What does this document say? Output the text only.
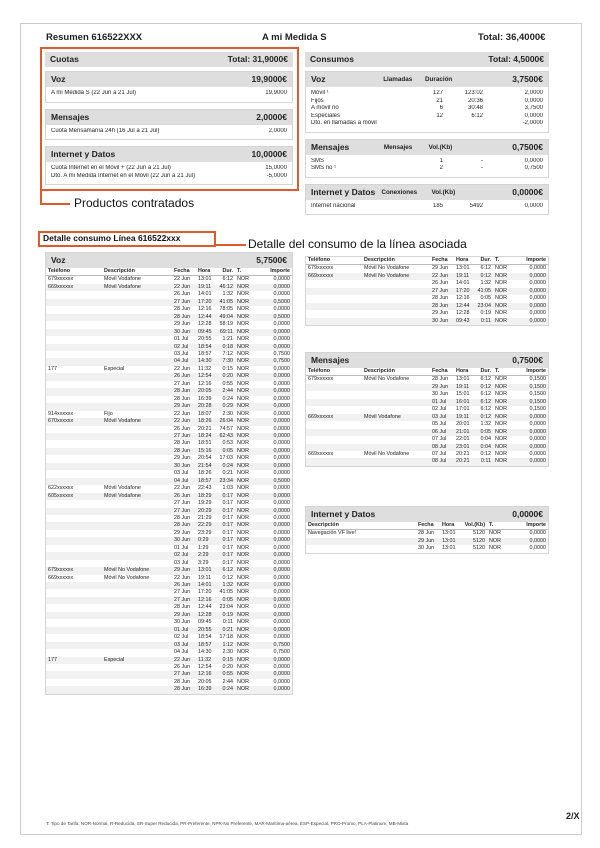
Resumen 616522XXX	A mi Medida S	Total: 36,4000€
Cuotas	Total: 31,9000€
Voz	19,9000€
A mi Medida S (22 Jun a 21 Jul)	19,9000
Mensajes	2,0000€
Cuota Mensamanía 24h (16 Jul a 21 Jul)	2,0000
Internet y Datos	10,0000€
Cuota Internet en el Móvil + (22 Jun a 21 Jul)	15,0000
Dto. A mi Medida Internet en el Móvil (22 Jun a 21 Jul)	-5,0000
Consumos	Total: 4,5000€
Voz	Llamadas	Duración	3,7500€
Móvil ¹	127	123:02	2,0000
Fijos	21	20:36	0,0000
A móvil no	6	30:48	3,7500
Especiales	12	6:12	0,0000
Dto. en llamadas a móvil	-2,0000
Mensajes	Mensajes	Vol.(Kb)	0,7500€
SMS	1	-	0,0000
SMS no ¹	2	-	0,7500
Internet y Datos Conexiones	Vol.(Kb)	0,0000€
Internet nacional	185	5492	0,0000
Productos contratados
Detalle consumo Línea 616522xxx	Detalle del consumo de la línea asociada
Voz	5,7500€
Teléfono	Descripción	Fecha	Hora	Dur.	T.	Importe
679xxxxxx	Móvil Vodafone	22 Jun	13:01	6:12	NOR	0,0000
669xxxxxx	Móvil Vodafone	22 Jun	19:11	46:12	NOR	0,0000
		26 Jun	14:01	1:32	NOR	0,0000
		27 Jun	17:20	41:05	NOR	0,5000
		28 Jun	12:16	78:05	NOR	0,0000
		28 Jun	12:44	49:04	NOR	0,5000
		29 Jun	12:28	58:19	NOR	0,0000
		30 Jun	09:45	69:11	NOR	0,0000
		01 Jul	20:55	1:21	NOR	0,0000
		02 Jul	18:54	0:18	NOR	0,0000
		03 Jul	18:57	7:12	NOR	0,7500
		04 Jul	14:30	7:30	NOR	0,7500
177	Especial	22 Jun	11:32	0:15	NOR	0,0000
		26 Jun	12:54	0:20	NOR	0,0000
		27 Jun	12:16	0:55	NOR	0,0000
		28 Jun	20:05	2:44	NOR	0,0000
		28 Jun	16:39	0:24	NOR	0,0000
		29 Jun	20:28	0:29	NOR	0,0000
914xxxxxx	Fijo	22 Jun	18:07	2:30	NOR	0,0000
670xxxxxx	Móvil Vodafone	22 Jun	18:26	26:04	NOR	0,0000
		26 Jun	20:21	74:57	NOR	0,0000
		27 Jun	18:24	62:43	NOR	0,0000
		28 Jun	18:51	0:53	NOR	0,0000
		28 Jun	15:16	0:05	NOR	0,0000
		29 Jun	20:54	17:03	NOR	0,0000
		30 Jun	21:54	0:24	NOR	0,0000
		03 Jul	18:26	0:21	NOR	0,0000
		04 Jul	18:57	23:34	NOR	0,5000
622xxxxxx	Móvil Vodafone	22 Jun	22:43	1:03	NOR	0,0000
605xxxxxx	Móvil Vodafone	26 Jun	18:29	0:17	NOR	0,0000
		27 Jun	19:29	0:17	NOR	0,0000
		27 Jun	20:29	0:17	NOR	0,0000
		28 Jun	21:29	0:17	NOR	0,0000
		28 Jun	22:29	0:17	NOR	0,0000
		29 Jun	23:29	0:17	NOR	0,0000
		30 Jun	0:29	0:17	NOR	0,0000
		01 Jul	1:29	0:17	NOR	0,0000
		02 Jul	2:29	0:17	NOR	0,0000
		03 Jul	3:29	0:17	NOR	0,0000
679xxxxxx	Móvil No Vodafone	29 Jun	13:01	6:12	NOR	0,0000
669xxxxxx	Móvil No Vodafone	22 Jun	19:11	0:12	NOR	0,0000
		26 Jun	14:01	1:32	NOR	0,0000
		27 Jun	17:20	41:05	NOR	0,0000
		27 Jun	12:16	0:05	NOR	0,0000
		28 Jun	12:44	23:04	NOR	0,0000
		29 Jun	12:28	0:19	NOR	0,0000
		30 Jun	09:45	0:11	NOR	0,0000
		01 Jul	20:55	0:21	NOR	0,0000
		02 Jul	18:54	17:18	NOR	0,0000
		03 Jul	18:57	1:12	NOR	0,7500
		04 Jul	14:30	2:30	NOR	0,7500
177	Especial	22 Jun	11:32	0:15	NOR	0,0000
		26 Jun	12:54	0:20	NOR	0,0000
		27 Jun	12:16	0:55	NOR	0,0000
		28 Jun	20:05	2:44	NOR	0,0000
		28 Jun	16:39	0:24	NOR	0,0000
Teléfono	Descripción	Fecha	Hora	Dur.	T.	Importe
679xxxxxx	Móvil No Vodafone	29 Jun	13:01	6:12	NOR	0,0000
669xxxxxx	Móvil No Vodafone	22 Jun	19:11	0:12	NOR	0,0000
		26 Jun	14:01	1:32	NOR	0,0000
		27 Jun	17:20	41:05	NOR	0,0000
		28 Jun	12:16	0:05	NOR	0,0000
		28 Jun	12:44	23:04	NOR	0,0000
		29 Jun	12:28	0:19	NOR	0,0000
		30 Jun	09:43	0:11	NOR	0,0000
Mensajes	0,7500€
Teléfono	Descripción	Fecha	Hora	Dur.	T.	Importe
679xxxxxx	Móvil No Vodafone	28 Jun	13:01	6:12	NOR	0,1500
		29 Jun	19:11	0:12	NOR	0,1500
		30 Jun	15:01	6:12	NOR	0,1500
		01 Jul	16:01	6:12	NOR	0,1500
		02 Jul	17:01	6:12	NOR	0,1500
669xxxxxx	Móvil Vodafone	03 Jul	19:11	0:12	NOR	0,0000
		05 Jul	20:01	1:32	NOR	0,0000
		06 Jul	21:01	0:05	NOR	0,0000
		07 Jul	22:01	0:04	NOR	0,0000
		08 Jul	23:01	0:04	NOR	0,0000
669xxxxxx	Móvil No Vodafone	07 Jul	20:21	0:12	NOR	0,0000
		08 Jul	20:21	0:11	NOR	0,0000
Internet y Datos	0,0000€
Descripción	Fecha	Hora	Vol.(Kb)	T.	Importe
Navegación VF live!	28 Jun	13:01	5120	NOR	0,0000
	29 Jun	13:01	5120	NOR	0,0000
	30 Jun	13:01	5120	NOR	0,0000
T: Tipo de Tarifa: NOR-Normal, R-Reducida, SR-Super Reducida, PR-Preferente, NPR-No Preferente, MAR-Marítima-aérea, ESP-Especial, PRO-Promo, PLA-Platinum, MB-Mixta
2/X
